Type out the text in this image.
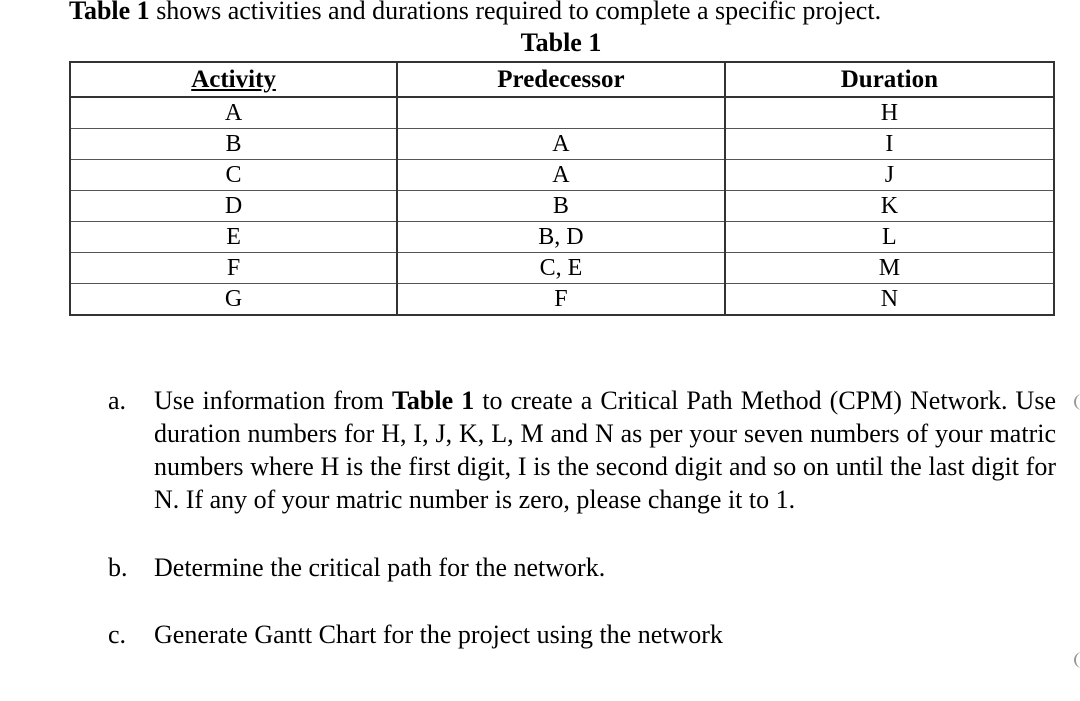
Table 1 shows activities and durations required to complete a specific project.
Table 1
Activity	Predecessor	Duration
A		H
B	A	I
C	A	J
D	B	K
E	B, D	L
F	C, E	M
G	F	N
a. Use information from Table 1 to create a Critical Path Method (CPM) Network. Use duration numbers for H, I, J, K, L, M and N as per your seven numbers of your matric numbers where H is the first digit, I is the second digit and so on until the last digit for N. If any of your matric number is zero, please change it to 1.
b. Determine the critical path for the network.
c. Generate Gantt Chart for the project using the network
